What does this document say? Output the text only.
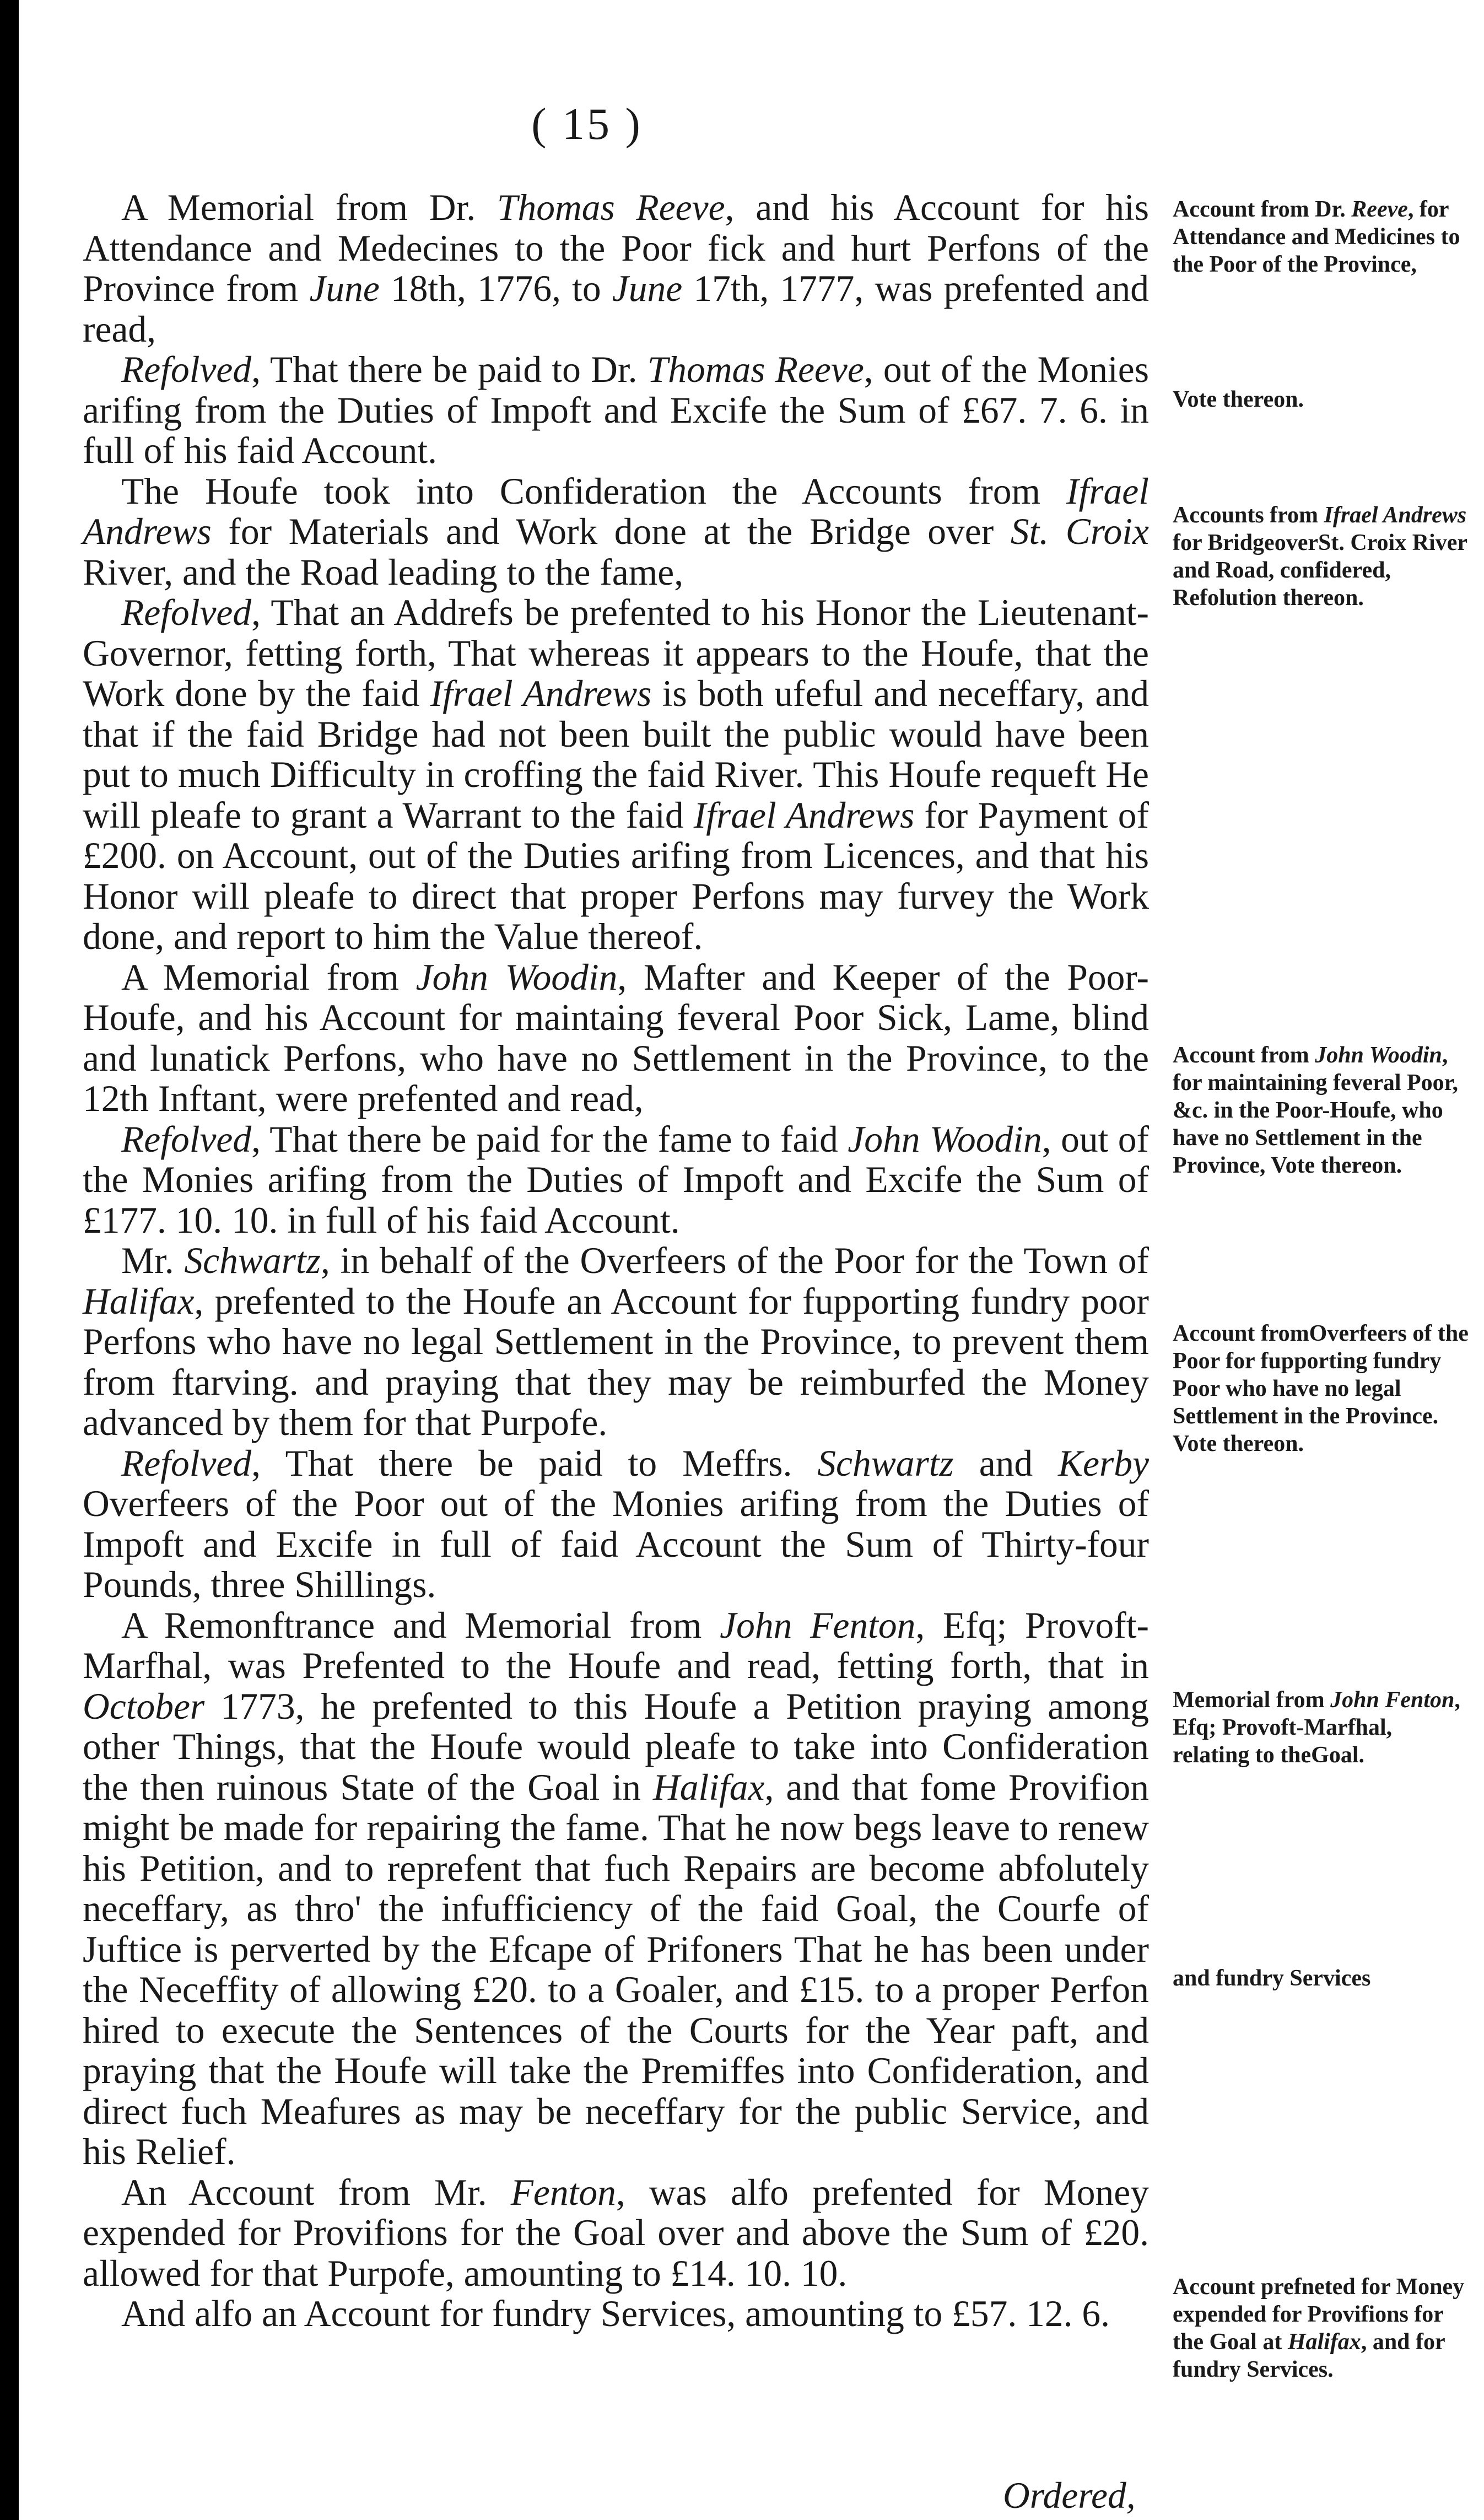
( 15 )

A Memorial from Dr. Thomas Reeve, and his Account for his Attendance and Medecines to the Poor fick and hurt Perfons of the Province from June 18th, 1776, to June 17th, 1777, was prefented and read,

Refolved, That there be paid to Dr. Thomas Reeve, out of the Monies arifing from the Duties of Impoft and Excife the Sum of £67. 7. 6. in full of his faid Account.

The Houfe took into Confideration the Accounts from Ifrael Andrews for Materials and Work done at the Bridge over St. Croix River, and the Road leading to the fame,

Refolved, That an Addrefs be prefented to his Honor the Lieutenant-Governor, fetting forth, That whereas it appears to the Houfe, that the Work done by the faid Ifrael Andrews is both ufeful and neceffary, and that if the faid Bridge had not been built the public would have been put to much Difficulty in croffing the faid River. This Houfe requeft He will pleafe to grant a Warrant to the faid Ifrael Andrews for Payment of £200. on Account, out of the Duties arifing from Licences, and that his Honor will pleafe to direct that proper Perfons may furvey the Work done, and report to him the Value thereof.

A Memorial from John Woodin, Mafter and Keeper of the Poor-Houfe, and his Account for maintaing feveral Poor Sick, Lame, blind and lunatick Perfons, who have no Settlement in the Province, to the 12th Inftant, were prefented and read,

Refolved, That there be paid for the fame to faid John Woodin, out of the Monies arifing from the Duties of Impoft and Excife the Sum of £177. 10. 10. in full of his faid Account.

Mr. Schwartz, in behalf of the Overfeers of the Poor for the Town of Halifax, prefented to the Houfe an Account for fupporting fundry poor Perfons who have no legal Settlement in the Province, to prevent them from ftarving. and praying that they may be reimburfed the Money advanced by them for that Purpofe.

Refolved, That there be paid to Meffrs. Schwartz and Kerby Overfeers of the Poor out of the Monies arifing from the Duties of Impoft and Excife in full of faid Account the Sum of Thirty-four Pounds, three Shillings.

A Remonftrance and Memorial from John Fenton, Efq; Provoft-Marfhal, was Prefented to the Houfe and read, fetting forth, that in October 1773, he prefented to this Houfe a Petition praying among other Things, that the Houfe would pleafe to take into Confideration the then ruinous State of the Goal in Halifax, and that fome Provifion might be made for repairing the fame. That he now begs leave to renew his Petition, and to reprefent that fuch Repairs are become abfolutely neceffary, as thro' the infufficiency of the faid Goal, the Courfe of Juftice is perverted by the Efcape of Prifoners That he has been under the Neceffity of allowing £20. to a Goaler, and £15. to a proper Perfon hired to execute the Sentences of the Courts for the Year paft, and praying that the Houfe will take the Premiffes into Confideration, and direct fuch Meafures as may be neceffary for the public Service, and his Relief.

An Account from Mr. Fenton, was alfo prefented for Money expended for Provifions for the Goal over and above the Sum of £20. allowed for that Purpofe, amounting to £14. 10. 10.

And alfo an Account for fundry Services, amounting to £57. 12. 6.

Ordered,
Account from Dr. Reeve, for Attendance and Medicines to the Poor of the Province,
Vote thereon.
Accounts from Ifrael Andrews for BridgeoverSt. Croix River and Road, confidered, Refolution thereon.
Account from John Woodin, for maintaining feveral Poor, &c. in the Poor-Houfe, who have no Settlement in the Province, Vote thereon.
Account fromOverfeers of the Poor for fupporting fundry Poor who have no legal Settlement in the Province. Vote thereon.
Memorial from John Fenton, Efq; Provoft-Marfhal, relating to theGoal.
and fundry Services
Account prefneted for Money expended for Provifions for the Goal at Halifax, and for fundry Services.
